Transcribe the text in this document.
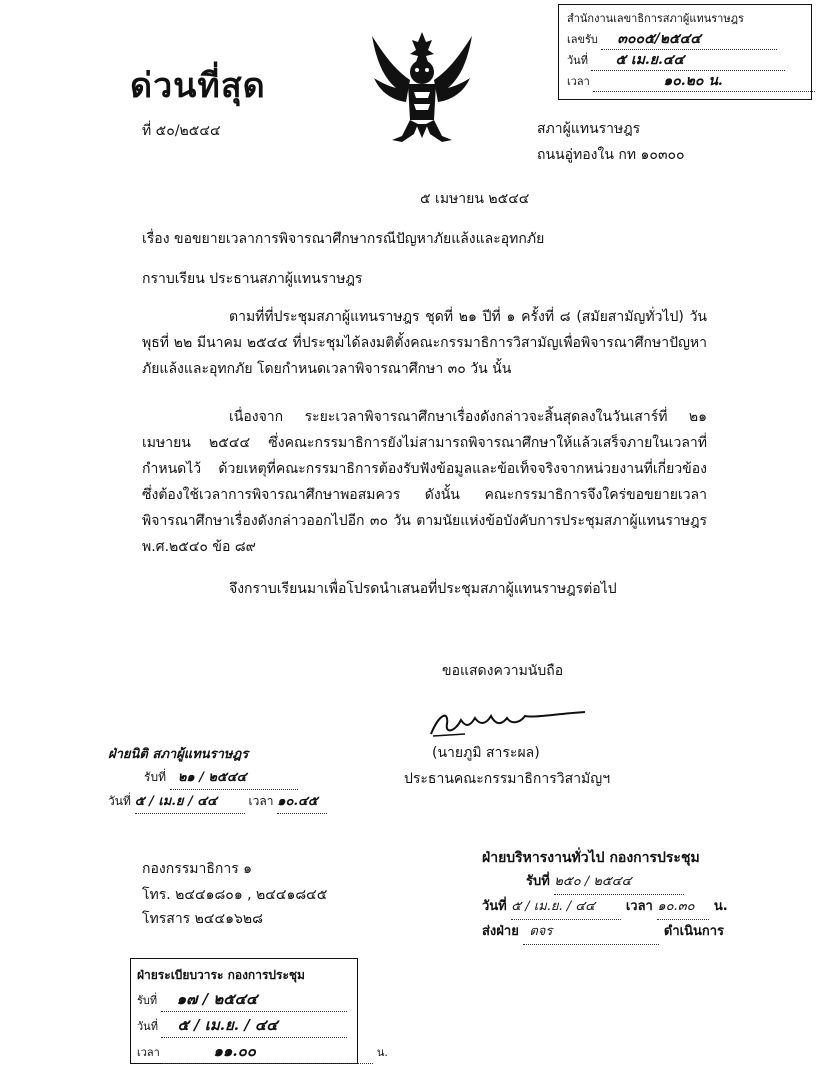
ด่วนที่สุด
ที่ ๕๐/๒๕๔๔
สำนักงานเลขาธิการสภาผู้แทนราษฎร
เลขรับ ๓๐๐๕/๒๕๔๔
วันที่ ๕ เม.ย.๔๔
เวลา	๑๐.๒๐ น.
สภาผู้แทนราษฎร
ถนนอู่ทองใน กท ๑๐๓๐๐
๕ เมษายน ๒๕๔๔
เรื่อง ขอขยายเวลาการพิจารณาศึกษากรณีปัญหาภัยแล้งและอุทกภัย
กราบเรียน ประธานสภาผู้แทนราษฎร
ตามที่ที่ประชุมสภาผู้แทนราษฎร ชุดที่ ๒๑ ปีที่ ๑ ครั้งที่ ๘ (สมัยสามัญทั่วไป) วันพุธที่ ๒๒ มีนาคม ๒๕๔๔ ที่ประชุมได้ลงมติตั้งคณะกรรมาธิการวิสามัญเพื่อพิจารณาศึกษาปัญหาภัยแล้งและอุทกภัย โดยกำหนดเวลาพิจารณาศึกษา ๓๐ วัน นั้น
เนื่องจาก ระยะเวลาพิจารณาศึกษาเรื่องดังกล่าวจะสิ้นสุดลงในวันเสาร์ที่ ๒๑ เมษายน ๒๕๔๔ ซึ่งคณะกรรมาธิการยังไม่สามารถพิจารณาศึกษาให้แล้วเสร็จภายในเวลาที่กำหนดไว้ ด้วยเหตุที่คณะกรรมาธิการต้องรับฟังข้อมูลและข้อเท็จจริงจากหน่วยงานที่เกี่ยวข้อง ซึ่งต้องใช้เวลาการพิจารณาศึกษาพอสมควร ดังนั้น คณะกรรมาธิการจึงใคร่ขอขยายเวลาพิจารณาศึกษาเรื่องดังกล่าวออกไปอีก ๓๐ วัน ตามนัยแห่งข้อบังคับการประชุมสภาผู้แทนราษฎร พ.ศ.๒๕๔๐ ข้อ ๘๙
จึงกราบเรียนมาเพื่อโปรดนำเสนอที่ประชุมสภาผู้แทนราษฎรต่อไป
ขอแสดงความนับถือ
(นายภูมิ สาระผล)
ประธานคณะกรรมาธิการวิสามัญฯ
ฝ่ายนิติ สภาผู้แทนราษฎร
รับที่ ๒๑ / ๒๕๔๔
วันที่ ๕ / เม.ย / ๔๔	เวลา ๑๐.๔๕
กองกรรมาธิการ ๑
โทร. ๒๔๔๑๘๐๑ , ๒๔๔๑๘๔๕
โทรสาร ๒๔๔๑๖๒๘
ฝ่ายบริหารงานทั่วไป กองการประชุม
รับที่ ๒๕๐ / ๒๕๔๔
วันที่ ๕ / เม.ย. / ๔๔ เวลา ๑๐.๓๐ น.
ส่งฝ่าย ตจร	ดำเนินการ
ฝ่ายระเบียบวาระ กองการประชุม
รับที่ ๑๗ / ๒๕๔๔
วันที่ ๕ / เม.ย. / ๔๔
เวลา	๑๑.๐๐	น.
